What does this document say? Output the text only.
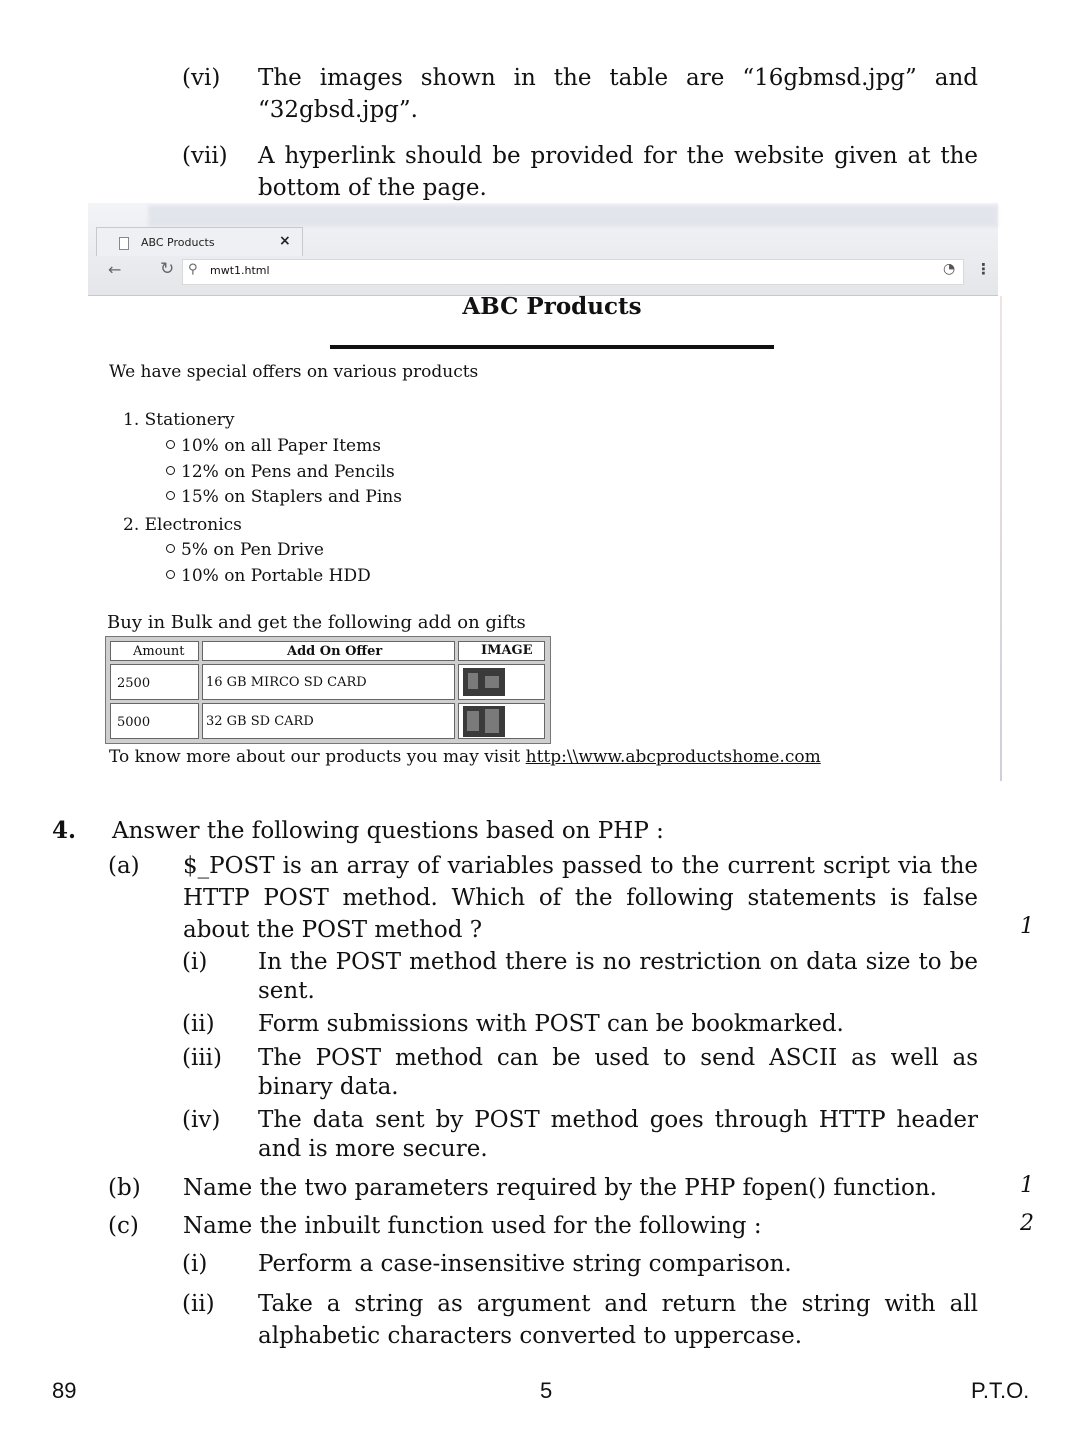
(vi)	The images shown in the table are “16gbmsd.jpg” and “32gbsd.jpg”.
(vii)	A hyperlink should be provided for the website given at the bottom of the page.
ABC Products	×
← ↻ ⚲ mwt1.html	◔ ⋮
ABC Products
We have special offers on various products
1. Stationery
10% on all Paper Items
12% on Pens and Pencils
15% on Staplers and Pins
2. Electronics
5% on Pen Drive
10% on Portable HDD
Buy in Bulk and get the following add on gifts
Amount	Add On Offer	IMAGE
2500	16 GB MIRCO SD CARD
5000	32 GB SD CARD
To know more about our products you may visit http:\\www.abcproductshome.com
4. Answer the following questions based on PHP :
(a) $_POST is an array of variables passed to the current script via the HTTP POST method. Which of the following statements is false about the POST method ?	1
(i) In the POST method there is no restriction on data size to be sent.
(ii) Form submissions with POST can be bookmarked.
(iii) The POST method can be used to send ASCII as well as binary data.
(iv) The data sent by POST method goes through HTTP header and is more secure.
(b) Name the two parameters required by the PHP fopen() function.	1
(c) Name the inbuilt function used for the following :	2
(i) Perform a case-insensitive string comparison.
(ii) Take a string as argument and return the string with all alphabetic characters converted to uppercase.
89	5	P.T.O.
